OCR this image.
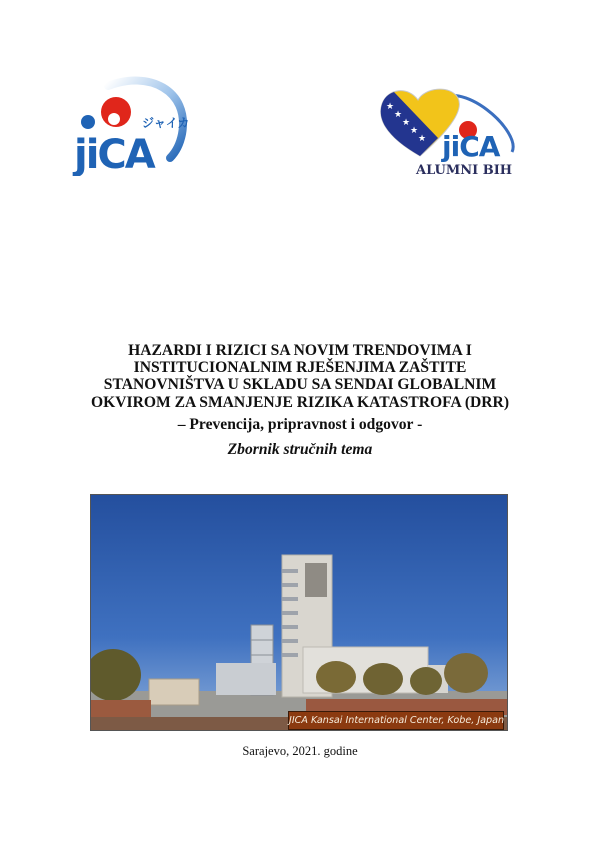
ジャイカ
jiCA
★
★
★
★
★ jiCA
ALUMNI BIH
HAZARDI I RIZICI SA NOVIM TRENDOVIMA I
INSTITUCIONALNIM RJEŠENJIMA ZAŠTITE
STANOVNIŠTVA U SKLADU SA SENDAI GLOBALNIM
OKVIROM ZA SMANJENJE RIZIKA KATASTROFA (DRR)
– Prevencija, pripravnost i odgovor -
Zbornik stručnih tema
JICA Kansai International Center, Kobe, Japan
Sarajevo, 2021. godine
